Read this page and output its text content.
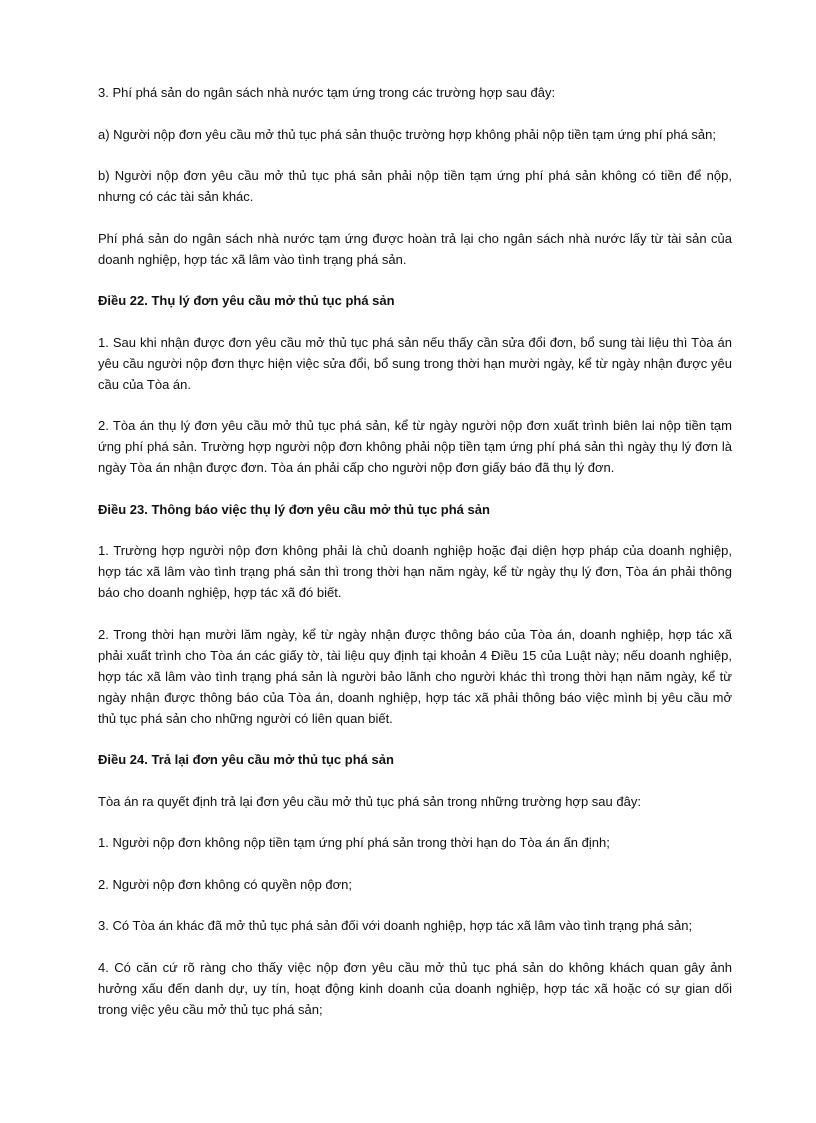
3. Phí phá sản do ngân sách nhà nước tạm ứng trong các trường hợp sau đây:

a) Người nộp đơn yêu cầu mở thủ tục phá sản thuộc trường hợp không phải nộp tiền tạm ứng phí phá sản;

b) Người nộp đơn yêu cầu mở thủ tục phá sản phải nộp tiền tạm ứng phí phá sản không có tiền để nộp, nhưng có các tài sản khác.

Phí phá sản do ngân sách nhà nước tạm ứng được hoàn trả lại cho ngân sách nhà nước lấy từ tài sản của doanh nghiệp, hợp tác xã lâm vào tình trạng phá sản.

Điều 22. Thụ lý đơn yêu cầu mở thủ tục phá sản

1. Sau khi nhận được đơn yêu cầu mở thủ tục phá sản nếu thấy cần sửa đổi đơn, bổ sung tài liệu thì Tòa án yêu cầu người nộp đơn thực hiện việc sửa đổi, bổ sung trong thời hạn mười ngày, kể từ ngày nhận được yêu cầu của Tòa án.

2. Tòa án thụ lý đơn yêu cầu mở thủ tục phá sản, kể từ ngày người nộp đơn xuất trình biên lai nộp tiền tạm ứng phí phá sản. Trường hợp người nộp đơn không phải nộp tiền tạm ứng phí phá sản thì ngày thụ lý đơn là ngày Tòa án nhận được đơn. Tòa án phải cấp cho người nộp đơn giấy báo đã thụ lý đơn.

Điều 23. Thông báo việc thụ lý đơn yêu cầu mở thủ tục phá sản

1. Trường hợp người nộp đơn không phải là chủ doanh nghiệp hoặc đại diện hợp pháp của doanh nghiệp, hợp tác xã lâm vào tình trạng phá sản thì trong thời hạn năm ngày, kể từ ngày thụ lý đơn, Tòa án phải thông báo cho doanh nghiệp, hợp tác xã đó biết.

2. Trong thời hạn mười lăm ngày, kể từ ngày nhận được thông báo của Tòa án, doanh nghiệp, hợp tác xã phải xuất trình cho Tòa án các giấy tờ, tài liệu quy định tại khoản 4 Điều 15 của Luật này; nếu doanh nghiệp, hợp tác xã lâm vào tình trạng phá sản là người bảo lãnh cho người khác thì trong thời hạn năm ngày, kể từ ngày nhận được thông báo của Tòa án, doanh nghiệp, hợp tác xã phải thông báo việc mình bị yêu cầu mở thủ tục phá sản cho những người có liên quan biết.

Điều 24. Trả lại đơn yêu cầu mở thủ tục phá sản

Tòa án ra quyết định trả lại đơn yêu cầu mở thủ tục phá sản trong những trường hợp sau đây:

1. Người nộp đơn không nộp tiền tạm ứng phí phá sản trong thời hạn do Tòa án ấn định;

2. Người nộp đơn không có quyền nộp đơn;

3. Có Tòa án khác đã mở thủ tục phá sản đối với doanh nghiệp, hợp tác xã lâm vào tình trạng phá sản;

4. Có căn cứ rõ ràng cho thấy việc nộp đơn yêu cầu mở thủ tục phá sản do không khách quan gây ảnh hưởng xấu đến danh dự, uy tín, hoạt động kinh doanh của doanh nghiệp, hợp tác xã hoặc có sự gian dối trong việc yêu cầu mở thủ tục phá sản;
